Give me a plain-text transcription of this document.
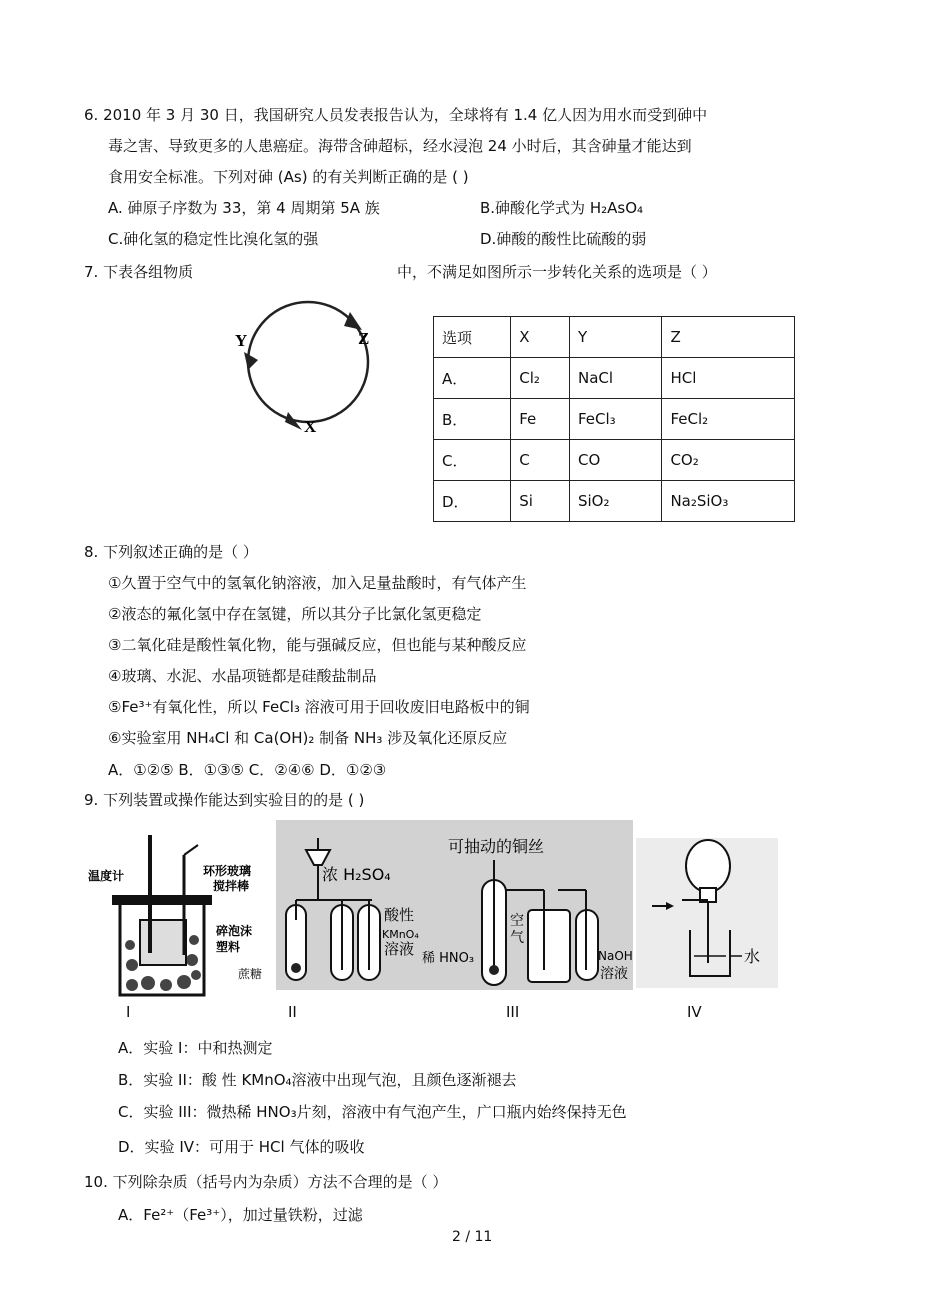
6. 2010 年 3 月 30 日，我国研究人员发表报告认为，全球将有 1.4 亿人因为用水而受到砷中
毒之害、导致更多的人患癌症。海带含砷超标，经水浸泡 24 小时后，其含砷量才能达到
食用安全标准。下列对砷 (As) 的有关判断正确的是 ( )
A. 砷原子序数为 33，第 4 周期第 5A 族	B.砷酸化学式为 H₂AsO₄
C.砷化氢的稳定性比溴化氢的强	D.砷酸的酸性比硫酸的弱
7. 下表各组物质	中，不满足如图所示一步转化关系的选项是（ ）
Y	Z
X
选项	X	Y	Z
A．	Cl₂	NaCl	HCl
B．	Fe	FeCl₃	FeCl₂
C．	C	CO	CO₂
D．	Si	SiO₂	Na₂SiO₃
8. 下列叙述正确的是（ ）
①久置于空气中的氢氧化钠溶液，加入足量盐酸时，有气体产生
②液态的氟化氢中存在氢键，所以其分子比氯化氢更稳定
③二氧化硅是酸性氧化物，能与强碱反应，但也能与某种酸反应
④玻璃、水泥、水晶项链都是硅酸盐制品
⑤Fe³⁺有氧化性，所以 FeCl₃ 溶液可用于回收废旧电路板中的铜
⑥实验室用 NH₄Cl 和 Ca(OH)₂ 制备 NH₃ 涉及氧化还原反应
A．①②⑤ B．①③⑤ C．②④⑥ D．①②③
9. 下列装置或操作能达到实验目的的是 ( )
温度计	环形玻璃
搅拌棒
碎泡沫
塑料
浓 H₂SO₄
酸性
KMnO₄
溶液
蔗糖
可抽动的铜丝
稀 HNO₃
空
气
NaOH
溶液
水
I	II	III	IV
A．实验 I：中和热测定
B．实验 II：酸 性 KMnO₄溶液中出现气泡，且颜色逐渐褪去
C．实验 III：微热稀 HNO₃片刻，溶液中有气泡产生，广口瓶内始终保持无色
D．实验 IV：可用于 HCl 气体的吸收
10. 下列除杂质（括号内为杂质）方法不合理的是（ ）
A．Fe²⁺（Fe³⁺），加过量铁粉，过滤
2 / 11
